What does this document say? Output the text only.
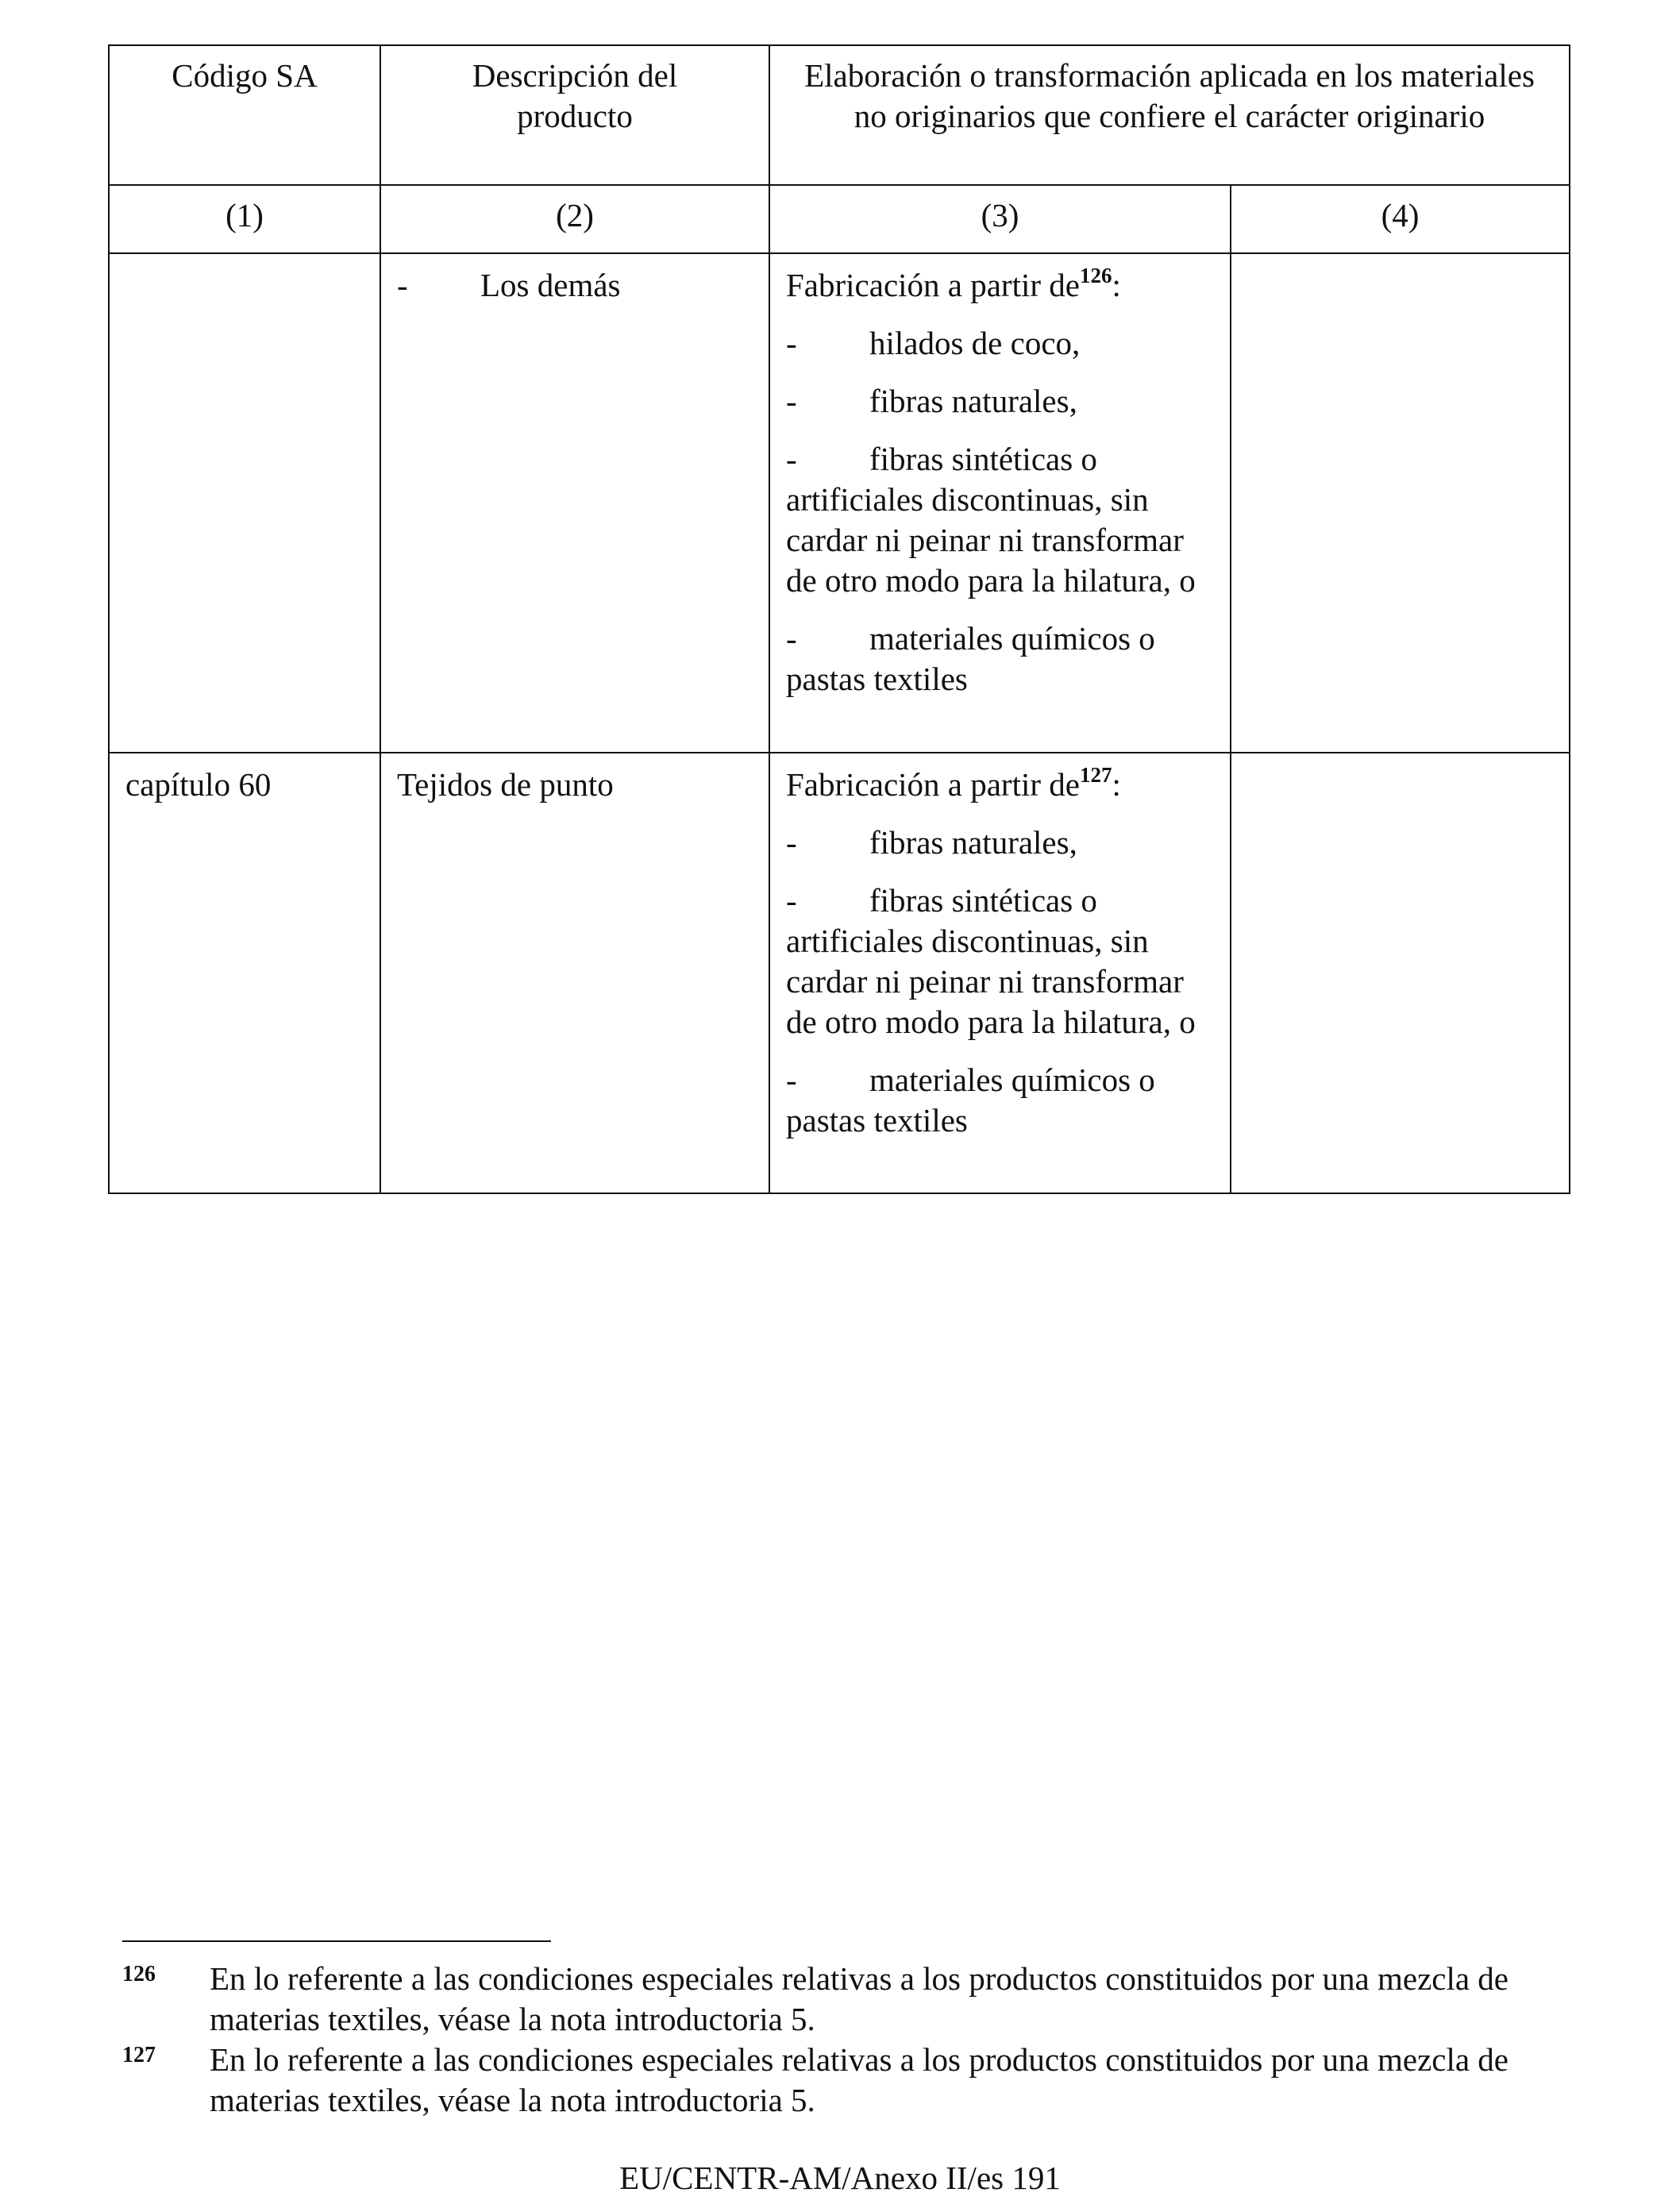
Código SA	Descripción del producto	Elaboración o transformación aplicada en los materiales no originarios que confiere el carácter originario	
(1)	(2)	(3)	(4)

	- Los demás	Fabricación a partir $de^{126}$:

- hilados de coco,

- fibras naturales,

- fibras sintéticas o artificiales discontinuas, sin cardar ni peinar ni transformar de otro modo para la hilatura, o

- materiales químicos o pastas textiles	

capítulo 60	Tejidos de punto	Fabricación a partir $de^{127}$:

- fibras naturales,

- fibras sintéticas o artificiales discontinuas, sin cardar ni peinar ni transformar de otro modo para la hilatura, o

- materiales químicos o pastas textiles	

126 En lo referente a las condiciones especiales relativas a los productos constituidos por una mezcla de materias textiles, véase la nota introductoria 5.
127 En lo referente a las condiciones especiales relativas a los productos constituidos por una mezcla de materias textiles, véase la nota introductoria 5.
EU/CENTR-AM/Anexo II/es 191
